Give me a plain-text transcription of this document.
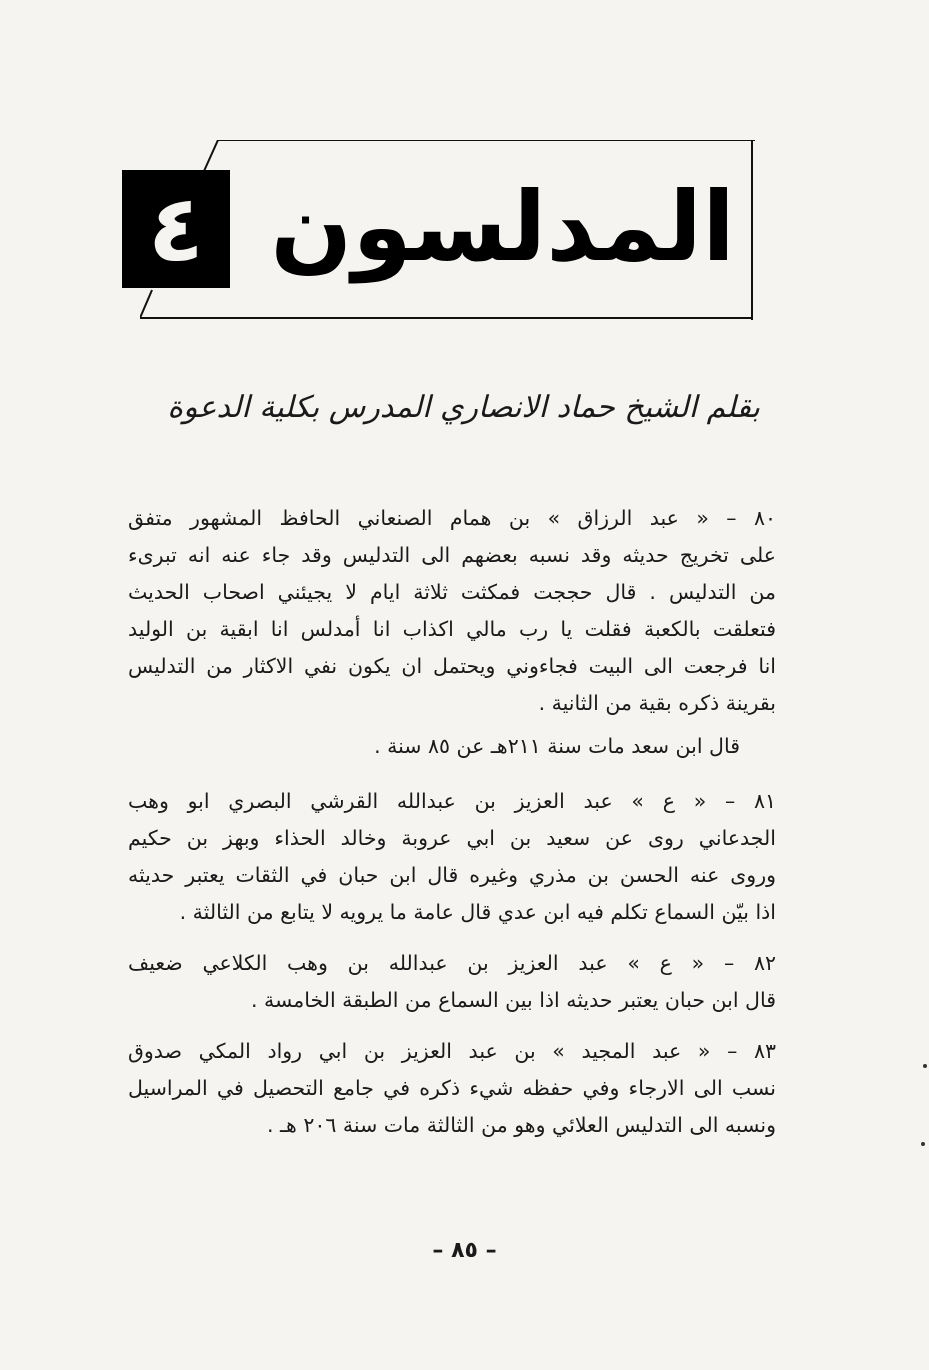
٤ المدلسون
بقلم الشيخ حماد الانصاري المدرس بكلية الدعوة
٨٠ – « عبد الرزاق » بن همام الصنعاني الحافظ المشهور متفق
على تخريج حديثه وقد نسبه بعضهم الى التدليس وقد جاء عنه انه تبرىء
من التدليس . قال حججت فمكثت ثلاثة ايام لا يجيئني اصحاب الحديث
فتعلقت بالكعبة فقلت يا رب مالي اكذاب انا أمدلس انا ابقية بن الوليد
انا فرجعت الى البيت فجاءوني ويحتمل ان يكون نفي الاكثار من التدليس
بقرينة ذكره بقية من الثانية .
قال ابن سعد مات سنة ٢١١هـ عن ٨٥ سنة .
٨١ – « ع » عبد العزيز بن عبدالله القرشي البصري ابو وهب
الجدعاني روى عن سعيد بن ابي عروبة وخالد الحذاء وبهز بن حكيم
وروى عنه الحسن بن مذري وغيره قال ابن حبان في الثقات يعتبر حديثه
اذا بيّن السماع تكلم فيه ابن عدي قال عامة ما يرويه لا يتابع من الثالثة .
٨٢ – « ع » عبد العزيز بن عبدالله بن وهب الكلاعي ضعيف
قال ابن حبان يعتبر حديثه اذا بين السماع من الطبقة الخامسة .
٨٣ – « عبد المجيد » بن عبد العزيز بن ابي رواد المكي صدوق
نسب الى الارجاء وفي حفظه شيء ذكره في جامع التحصيل في المراسيل
ونسبه الى التدليس العلائي وهو من الثالثة مات سنة ٢٠٦ هـ .
– ٨٥ –
